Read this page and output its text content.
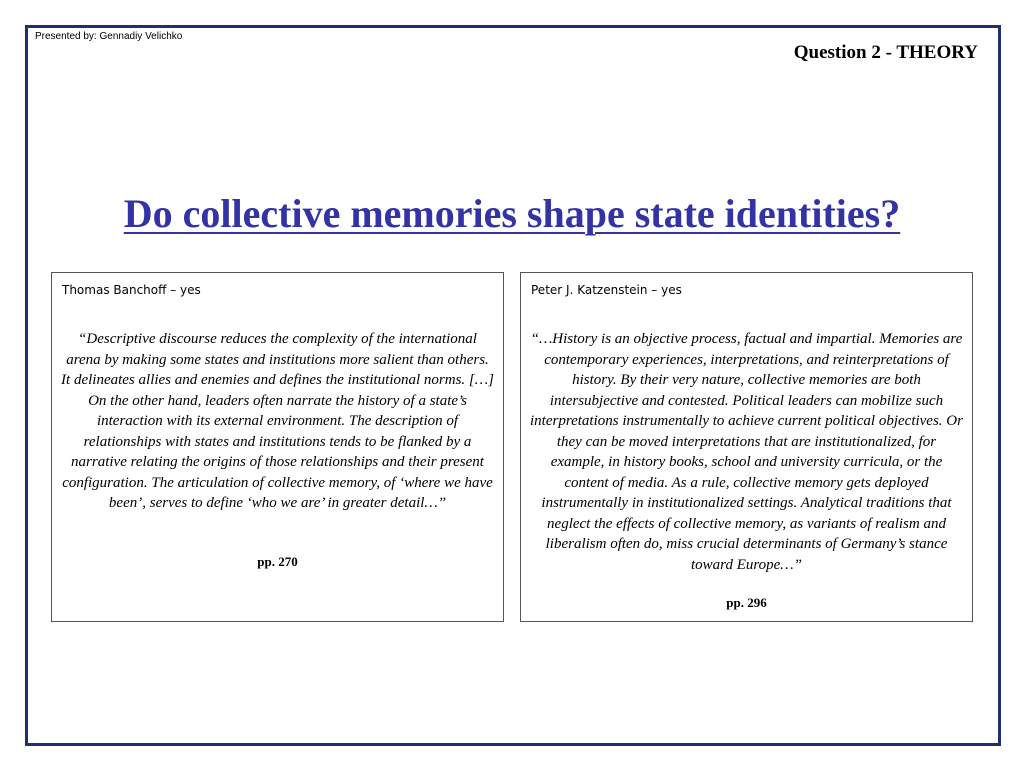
Presented by: Gennadiy Velichko
Question 2 - THEORY
Do collective memories shape state identities?
Thomas Banchoff – yes
“Descriptive discourse reduces the complexity of the international arena by making some states and institutions more salient than others. It delineates allies and enemies and defines the institutional norms. […] On the other hand, leaders often narrate the history of a state’s interaction with its external environment. The description of relationships with states and institutions tends to be flanked by a narrative relating the origins of those relationships and their present configuration. The articulation of collective memory, of ‘where we have been’, serves to define ‘who we are’ in greater detail…”
pp. 270
Peter J. Katzenstein – yes
“…History is an objective process, factual and impartial. Memories are contemporary experiences, interpretations, and reinterpretations of history. By their very nature, collective memories are both intersubjective and contested. Political leaders can mobilize such interpretations instrumentally to achieve current political objectives. Or they can be moved interpretations that are institutionalized, for example, in history books, school and university curricula, or the content of media. As a rule, collective memory gets deployed instrumentally in institutionalized settings. Analytical traditions that neglect the effects of collective memory, as variants of realism and liberalism often do, miss crucial determinants of Germany’s stance toward Europe…”
pp. 296
